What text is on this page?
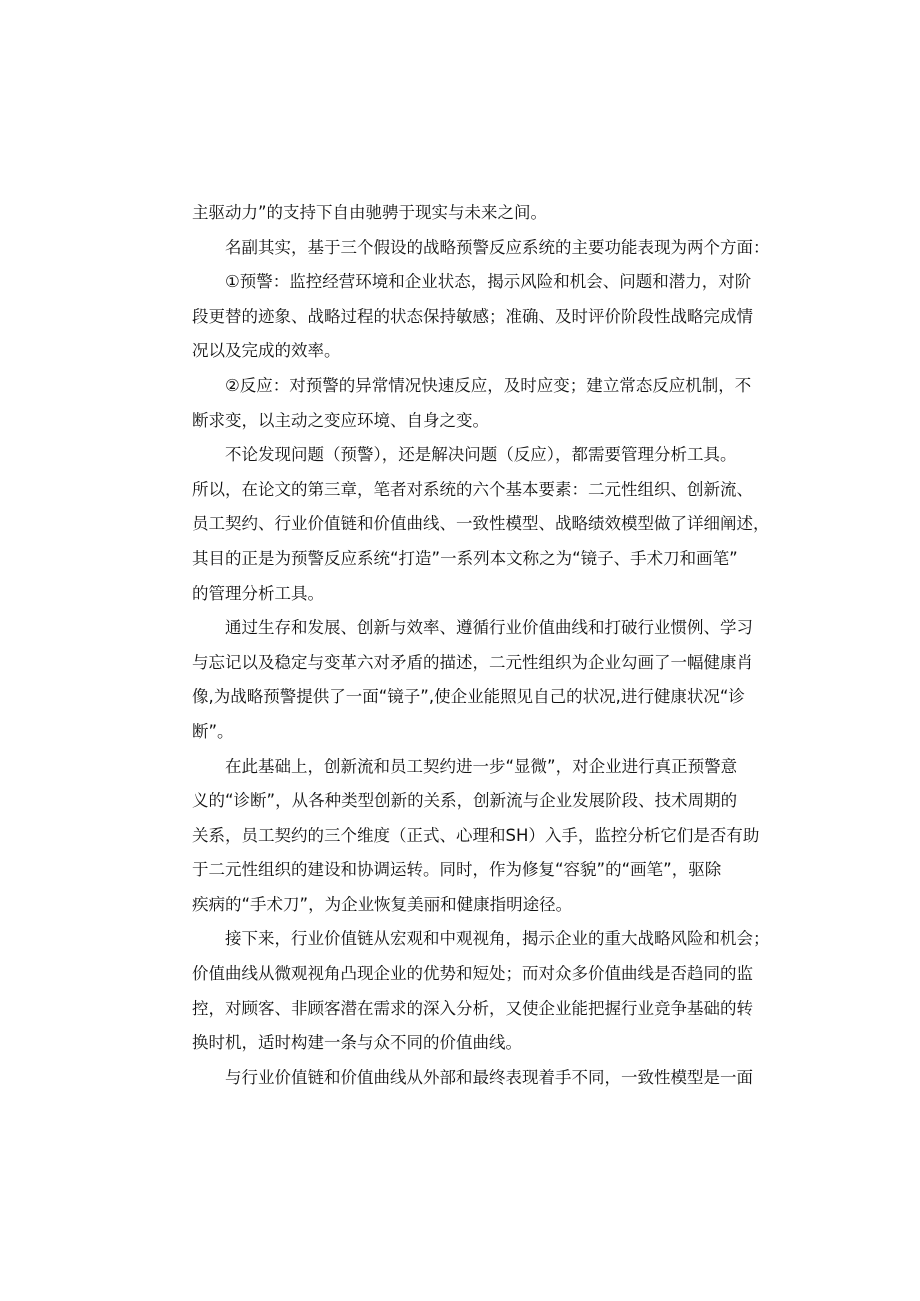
主驱动力”的支持下自由驰骋于现实与未来之间。
名副其实，基于三个假设的战略预警反应系统的主要功能表现为两个方面：
①预警：监控经营环境和企业状态，揭示风险和机会、问题和潜力，对阶
段更替的迹象、战略过程的状态保持敏感；准确、及时评价阶段性战略完成情
况以及完成的效率。
②反应：对预警的异常情况快速反应，及时应变；建立常态反应机制，不
断求变，以主动之变应环境、自身之变。
不论发现问题（预警），还是解决问题（反应），都需要管理分析工具。
所以，在论文的第三章，笔者对系统的六个基本要素：二元性组织、创新流、
员工契约、行业价值链和价值曲线、一致性模型、战略绩效模型做了详细阐述，
其目的正是为预警反应系统“打造”一系列本文称之为“镜子、手术刀和画笔”
的管理分析工具。
通过生存和发展、创新与效率、遵循行业价值曲线和打破行业惯例、学习
与忘记以及稳定与变革六对矛盾的描述，二元性组织为企业勾画了一幅健康肖
像,为战略预警提供了一面“镜子”,使企业能照见自己的状况,进行健康状况“诊
断”。
在此基础上，创新流和员工契约进一步“显微”，对企业进行真正预警意
义的“诊断”，从各种类型创新的关系，创新流与企业发展阶段、技术周期的
关系，员工契约的三个维度（正式、心理和SH）入手，监控分析它们是否有助
于二元性组织的建设和协调运转。同时，作为修复“容貌”的“画笔”，驱除
疾病的“手术刀”，为企业恢复美丽和健康指明途径。
接下来，行业价值链从宏观和中观视角，揭示企业的重大战略风险和机会；
价值曲线从微观视角凸现企业的优势和短处；而对众多价值曲线是否趋同的监
控，对顾客、非顾客潜在需求的深入分析，又使企业能把握行业竞争基础的转
换时机，适时构建一条与众不同的价值曲线。
与行业价值链和价值曲线从外部和最终表现着手不同，一致性模型是一面
